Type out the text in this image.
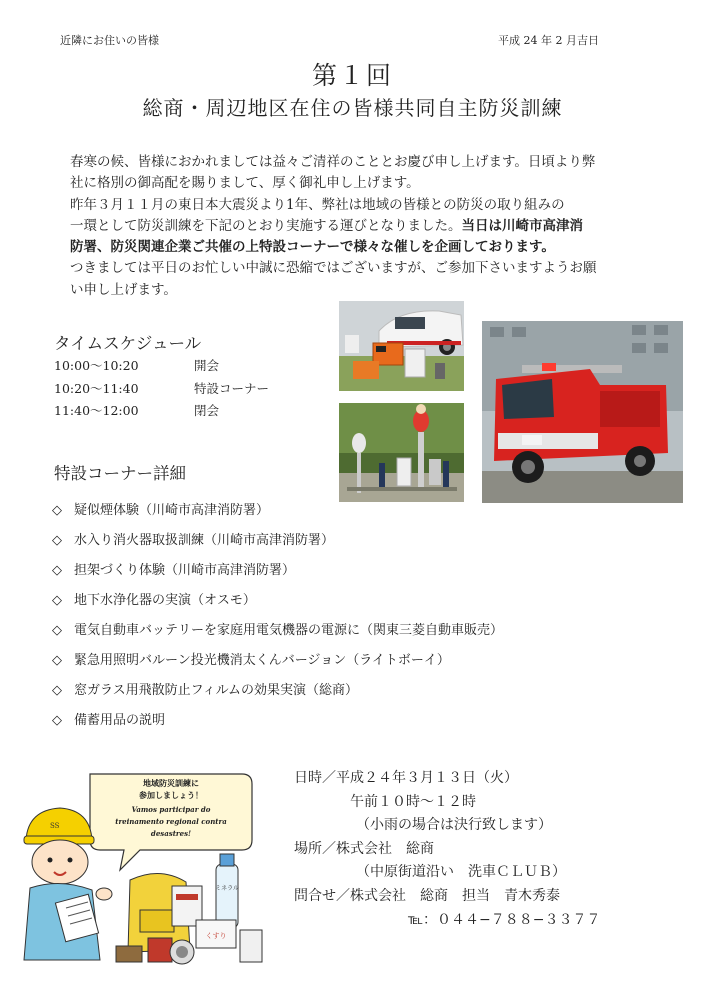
近隣にお住いの皆様	平成 24 年 2 月吉日
第１回
総商・周辺地区在住の皆様共同自主防災訓練

春寒の候、皆様におかれましては益々ご清祥のこととお慶び申し上げます。日頃より弊

社に格別の御高配を賜りまして、厚く御礼申し上げます。

昨年３月１１月の東日本大震災より1年、弊社は地域の皆様との防災の取り組みの

一環として防災訓練を下記のとおり実施する運びとなりました。当日は川崎市高津消

防署、防災関連企業ご共催の上特設コーナーで様々な催しを企画しております。

つきましては平日のお忙しい中誠に恐縮ではございますが、ご参加下さいますようお願

い申し上げます。

タイムスケジュール
10:00〜10:20	開会
10:20〜11:40	特設コーナー
11:40〜12:00	閉会
特設コーナー詳細
◇ 疑似煙体験（川崎市高津消防署）
◇ 水入り消火器取扱訓練（川崎市高津消防署）
◇ 担架づくり体験（川崎市高津消防署）
◇ 地下水浄化器の実演（オスモ）
◇ 電気自動車バッテリーを家庭用電気機器の電源に（関東三菱自動車販売）
◇ 緊急用照明バルーン投光機消太くんバージョン（ライトボーイ）
◇ 窓ガラス用飛散防止フィルムの効果実演（総商）
◇ 備蓄用品の説明
地域防災訓練に
参加しましょう！
Vamos participar do
treinamento regional contra
desastres!
SS
ミネラル
くすり
日時／平成２４年３月１３日（火）
午前１０時〜１２時
（小雨の場合は決行致します）
場所／株式会社　総商
（中原街道沿い　洗車ＣＬＵＢ）
問合せ／株式会社　総商　担当　青木秀泰
℡：０４４−７８８−３３７７
